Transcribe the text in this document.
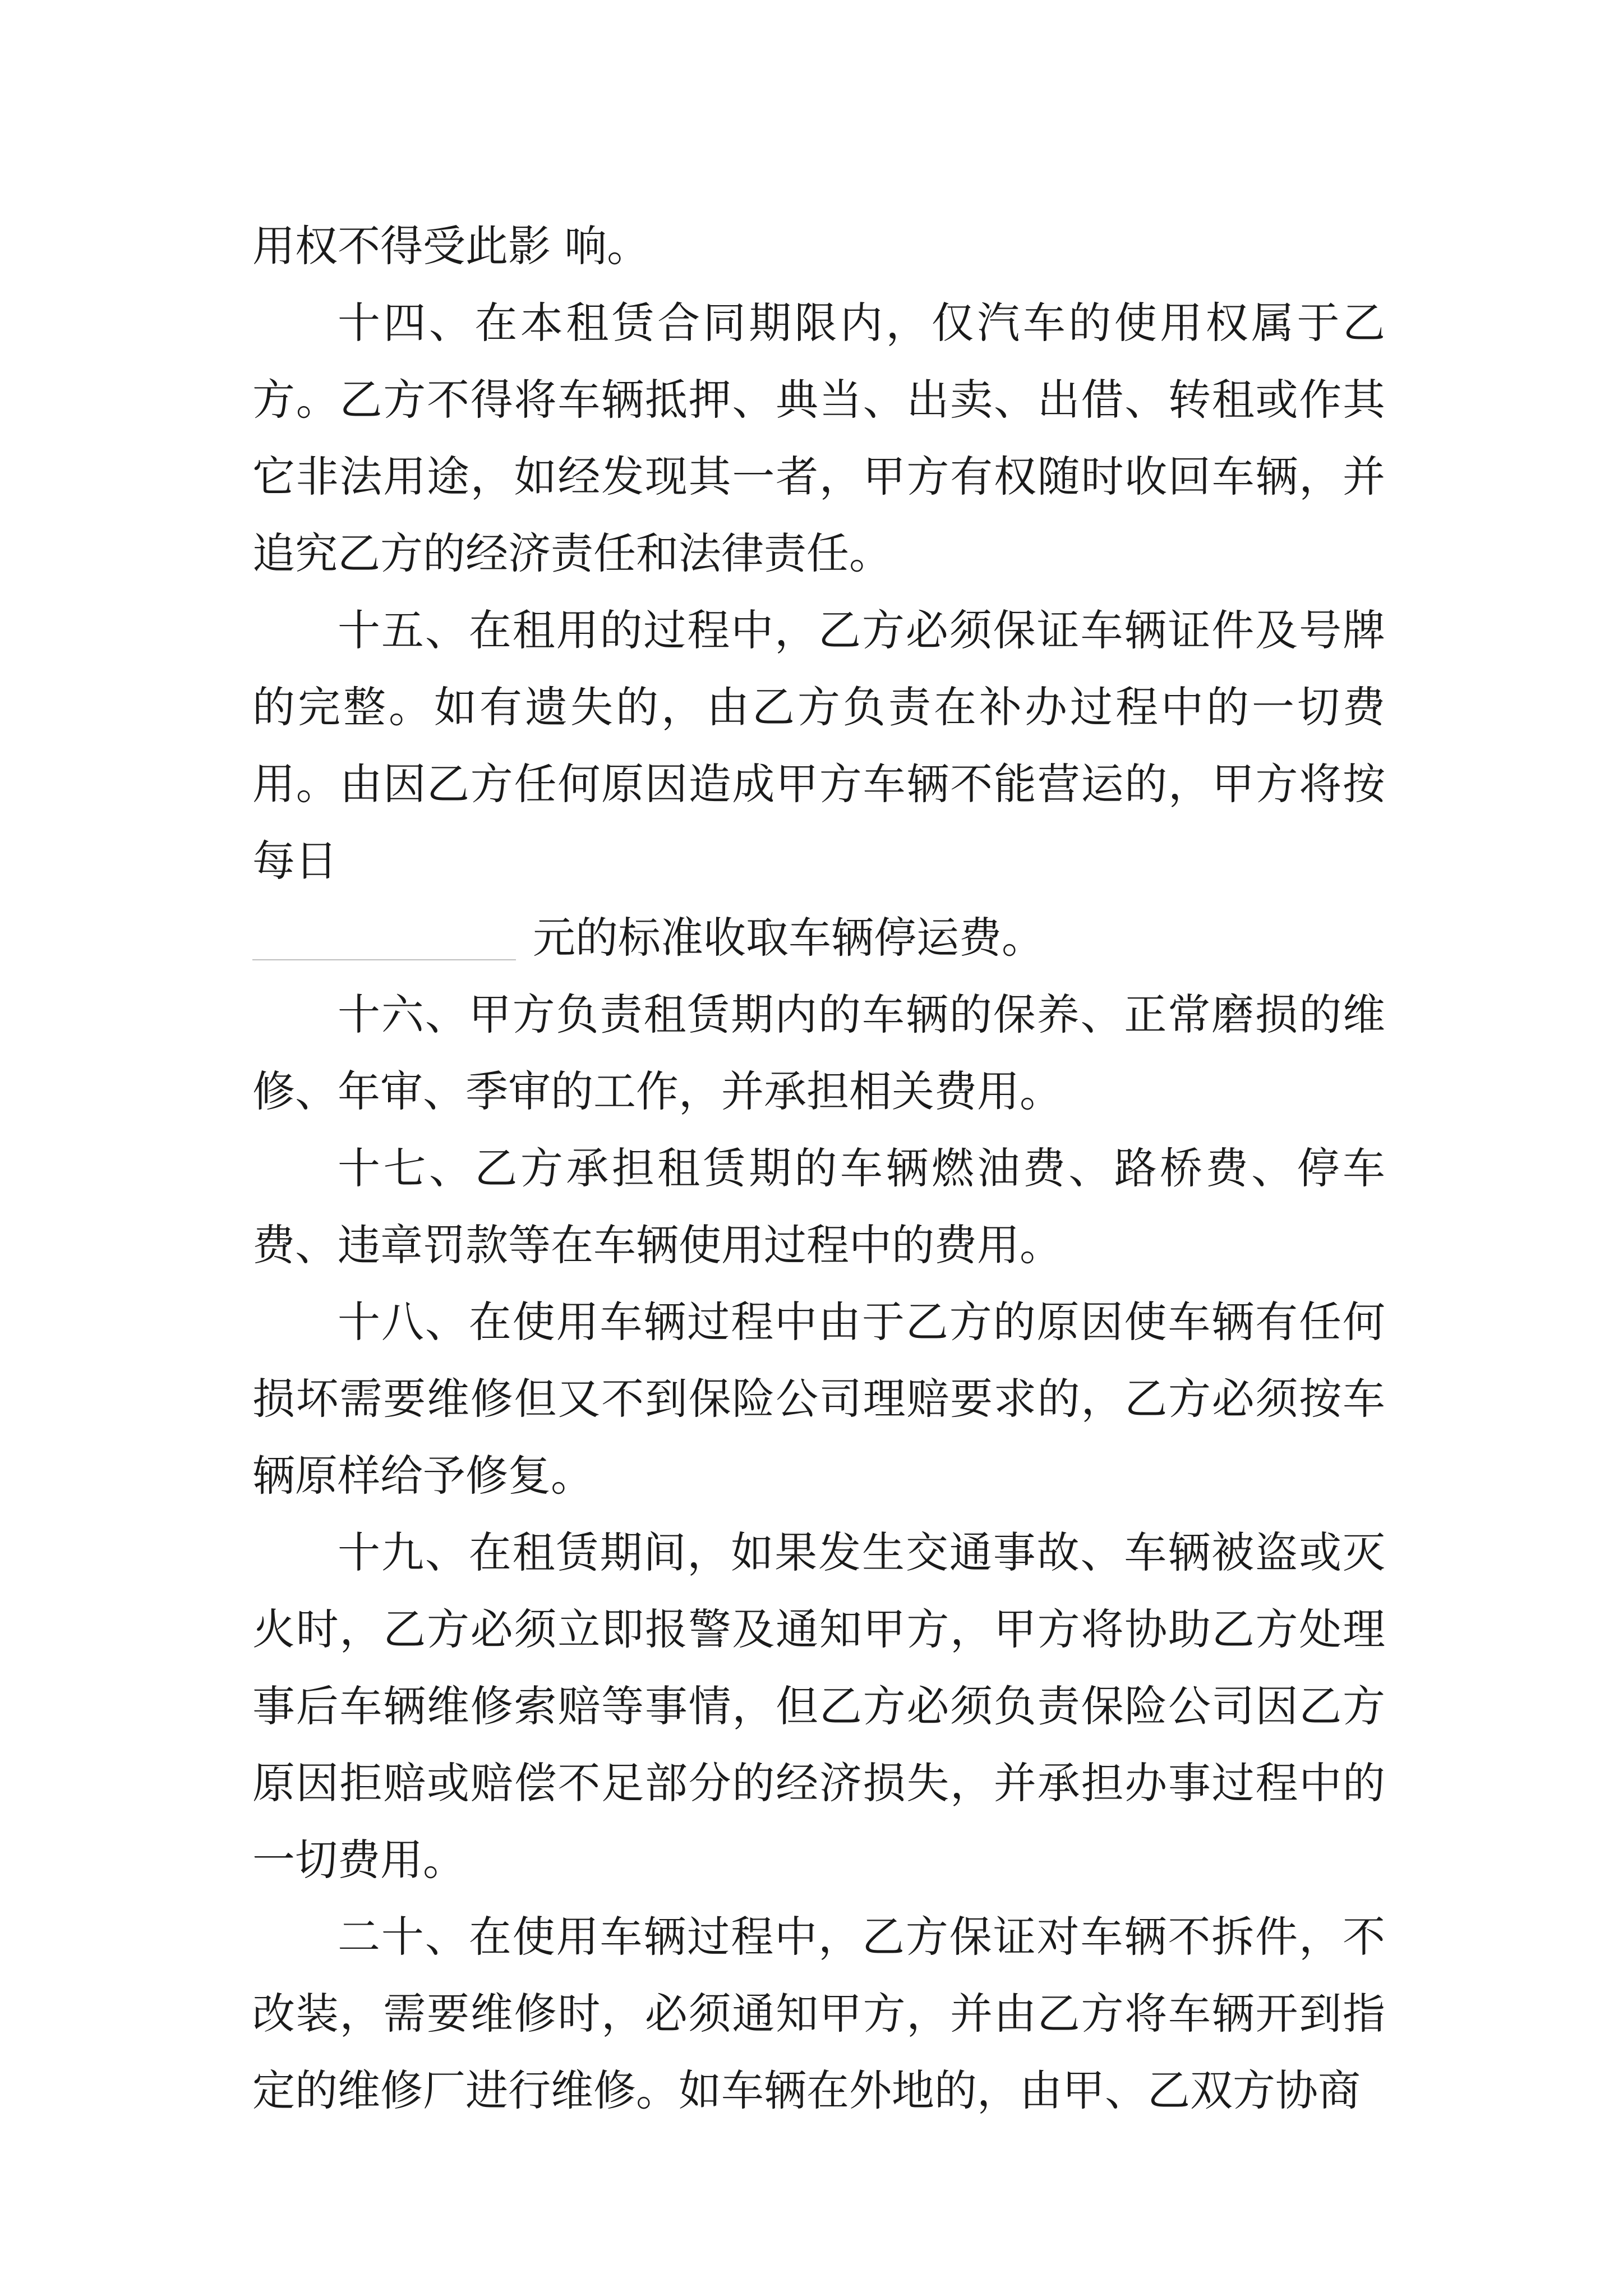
用权不得受此影 响。

十四、在本租赁合同期限内，仅汽车的使用权属于乙方。乙方不得将车辆抵押、典当、出卖、出借、转租或作其它非法用途，如经发现其一者，甲方有权随时收回车辆，并追究乙方的经济责任和法律责任。

十五、在租用的过程中，乙方必须保证车辆证件及号牌的完整。如有遗失的，由乙方负责在补办过程中的一切费用。由因乙方任何原因造成甲方车辆不能营运的，甲方将按每日
元的标准收取车辆停运费。

十六、甲方负责租赁期内的车辆的保养、正常磨损的维修、年审、季审的工作，并承担相关费用。

十七、乙方承担租赁期的车辆燃油费、路桥费、停车费、违章罚款等在车辆使用过程中的费用。

十八、在使用车辆过程中由于乙方的原因使车辆有任何损坏需要维修但又不到保险公司理赔要求的，乙方必须按车辆原样给予修复。

十九、在租赁期间，如果发生交通事故、车辆被盗或灭火时，乙方必须立即报警及通知甲方，甲方将协助乙方处理事后车辆维修索赔等事情，但乙方必须负责保险公司因乙方原因拒赔或赔偿不足部分的经济损失，并承担办事过程中的一切费用。

二十、在使用车辆过程中，乙方保证对车辆不拆件，不改装，需要维修时，必须通知甲方，并由乙方将车辆开到指定的维修厂进行维修。如车辆在外地的，由甲、乙双方协商
